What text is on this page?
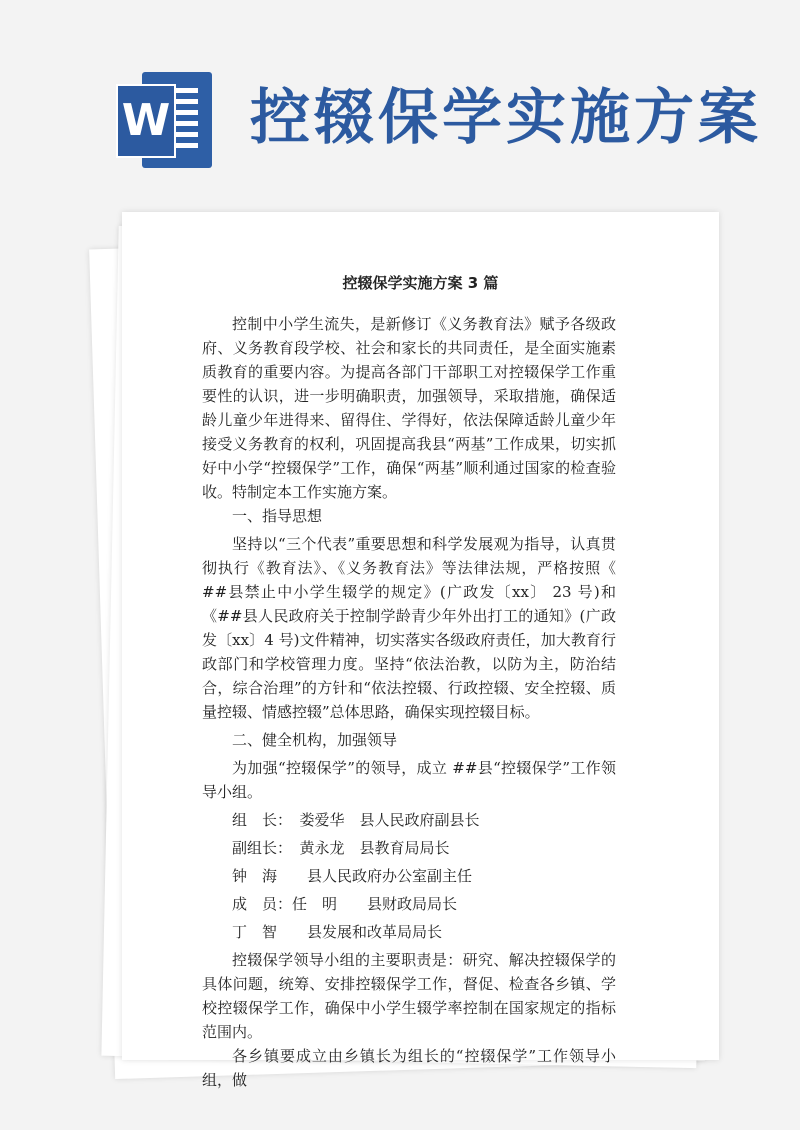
W 控辍保学实施方案
控辍保学实施方案 3 篇

控制中小学生流失，是新修订《义务教育法》赋予各级政府、义务教育段学校、社会和家长的共同责任，是全面实施素质教育的重要内容。为提高各部门干部职工对控辍保学工作重要性的认识，进一步明确职责，加强领导，采取措施，确保适龄儿童少年进得来、留得住、学得好，依法保障适龄儿童少年接受义务教育的权利，巩固提高我县“两基”工作成果，切实抓好中小学“控辍保学”工作，确保“两基”顺利通过国家的检查验收。特制定本工作实施方案。

一、指导思想

坚持以“三个代表”重要思想和科学发展观为指导，认真贯彻执行《教育法》、《义务教育法》等法律法规，严格按照《 ##县禁止中小学生辍学的规定》(广政发〔xx〕 23 号)和《##县人民政府关于控制学龄青少年外出打工的通知》(广政发〔xx〕4 号)文件精神，切实落实各级政府责任，加大教育行政部门和学校管理力度。坚持“依法治教，以防为主，防治结合，综合治理”的方针和“依法控辍、行政控辍、安全控辍、质量控辍、情感控辍”总体思路，确保实现控辍目标。

二、健全机构，加强领导

为加强“控辍保学”的领导，成立 ##县“控辍保学”工作领导小组。

组　长：　娄爱华　县人民政府副县长

副组长：　黄永龙　县教育局局长

钟　海　　县人民政府办公室副主任

成　员：任　明　　县财政局局长

丁　智　　县发展和改革局局长

控辍保学领导小组的主要职责是：研究、解决控辍保学的具体问题，统筹、安排控辍保学工作，督促、检查各乡镇、学校控辍保学工作，确保中小学生辍学率控制在国家规定的指标范围内。

各乡镇要成立由乡镇长为组长的“控辍保学”工作领导小组，做
